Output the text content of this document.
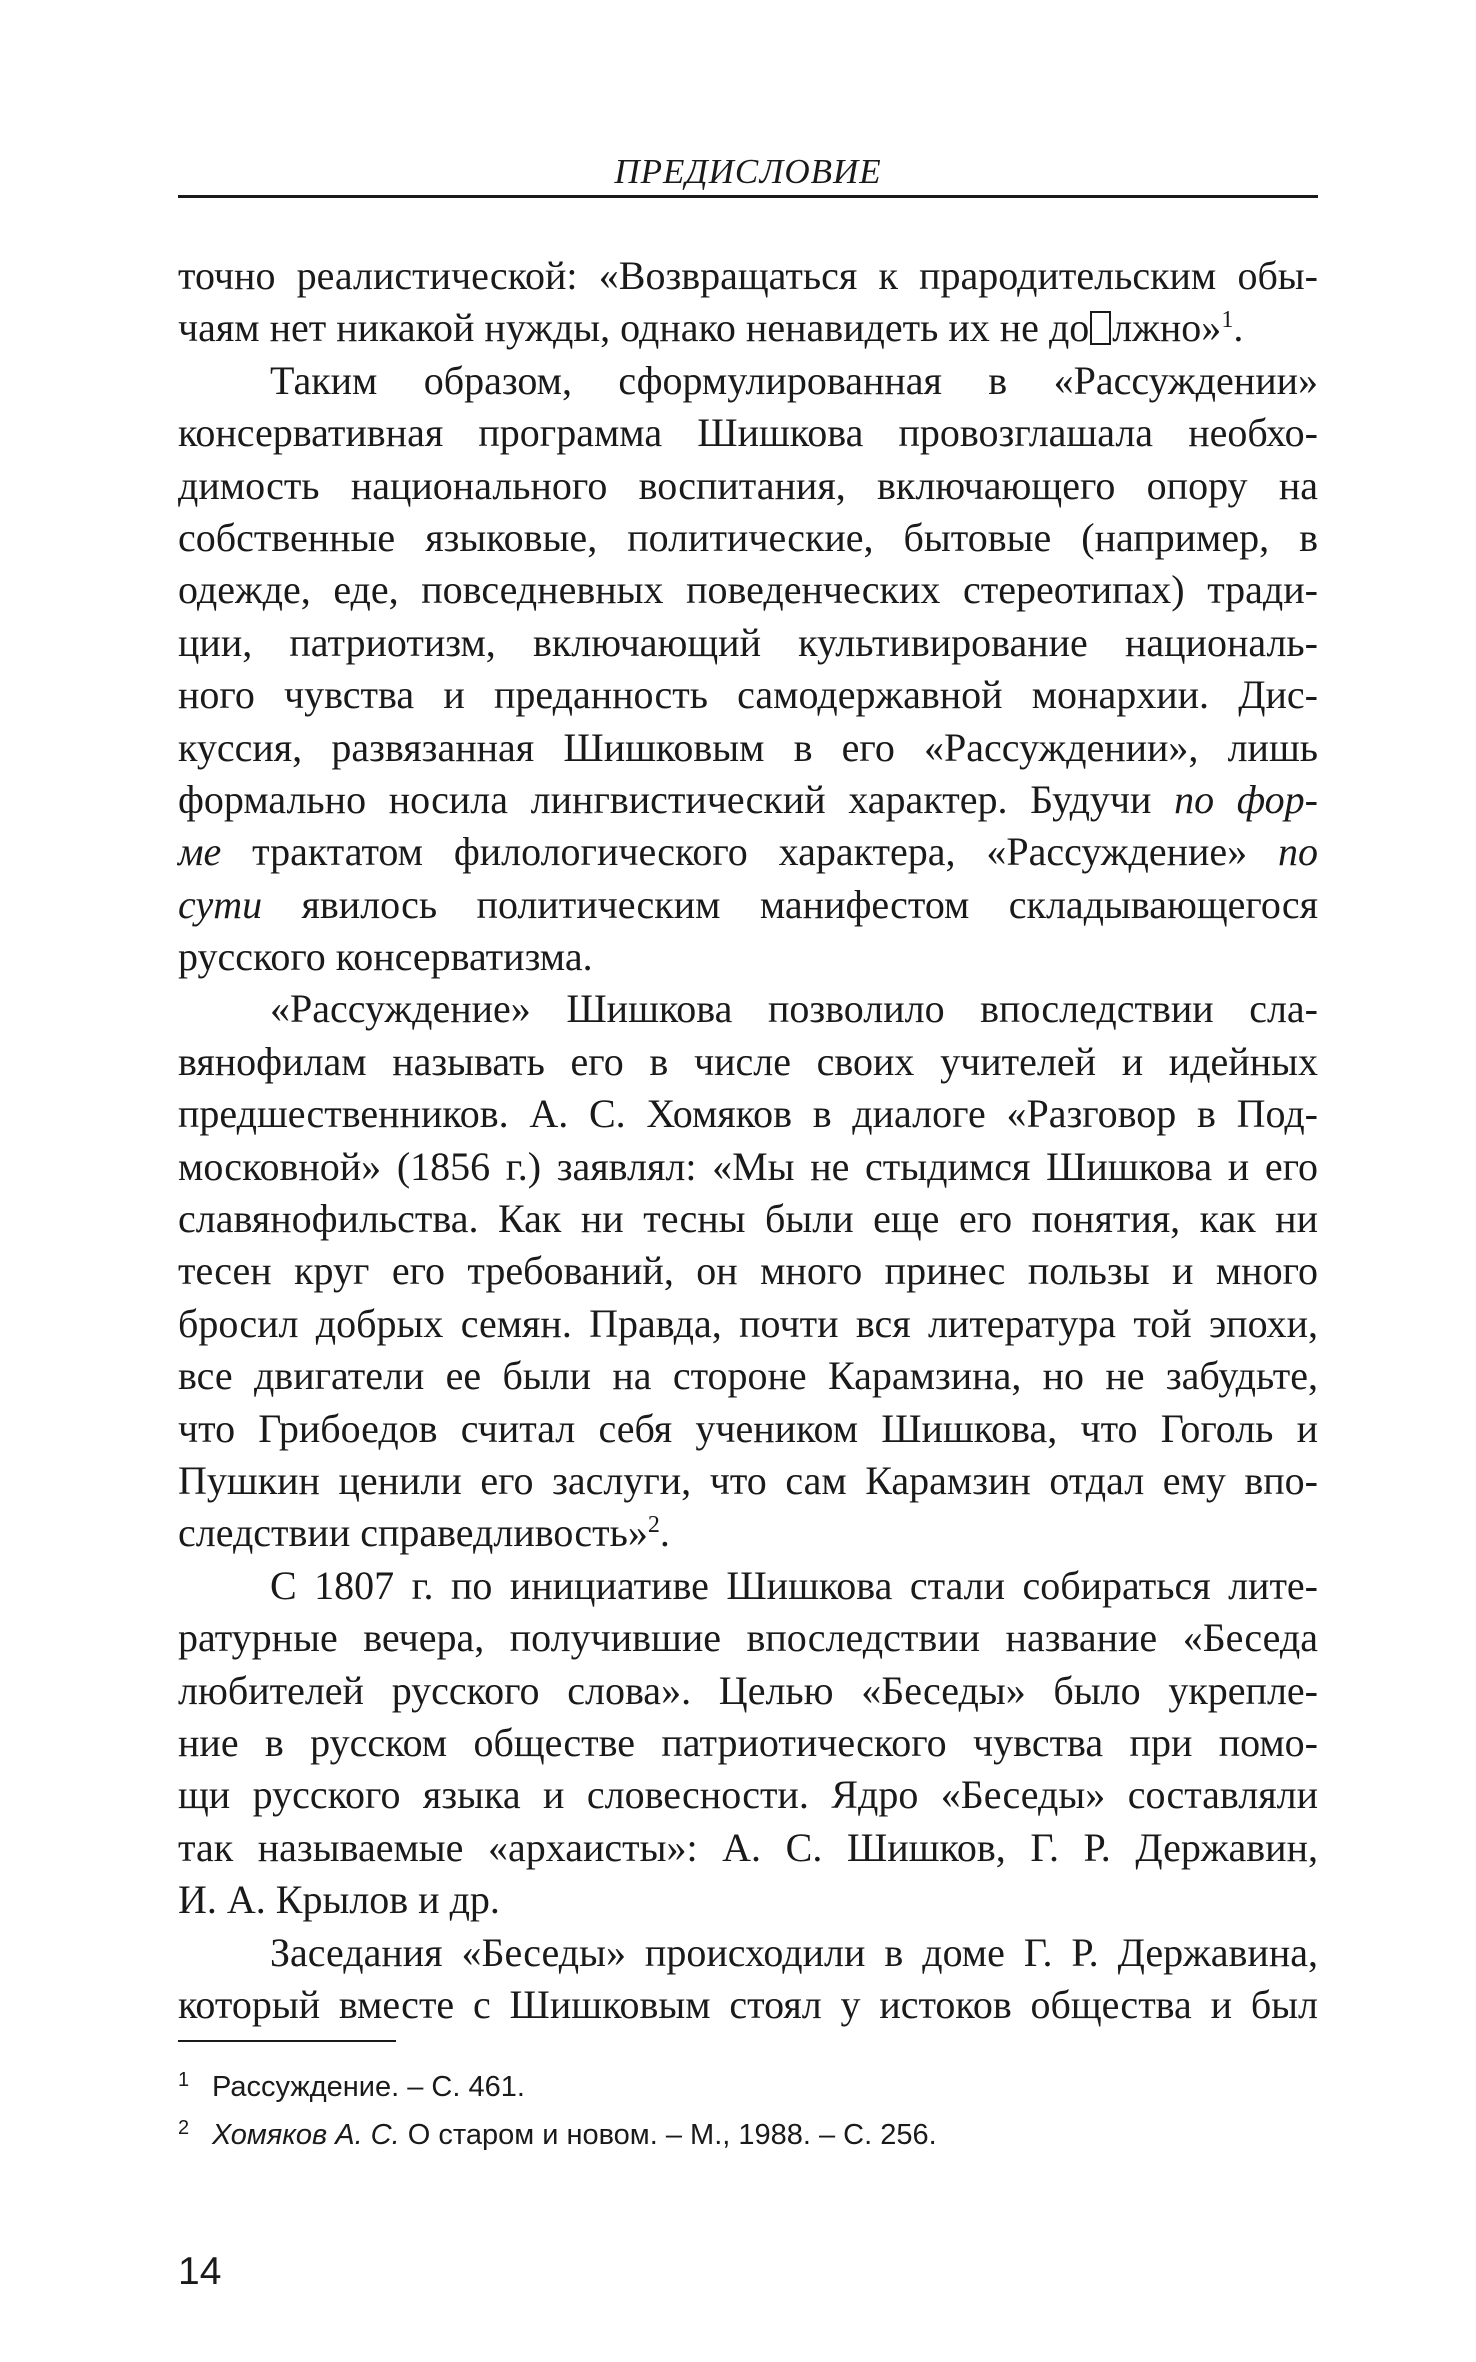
ПРЕДИСЛОВИЕ
точно реалистической: «Возвращаться к прародительским обы-
чаям нет никакой нужды, однако ненавидеть их не до лжно»$^1$.
Таким образом, сформулированная в «Рассуждении»
консервативная программа Шишкова провозглашала необхо-
димость национального воспитания, включающего опору на
собственные языковые, политические, бытовые (например, в
одежде, еде, повседневных поведенческих стереотипах) тради-
ции, патриотизм, включающий культивирование националь-
ного чувства и преданность самодержавной монархии. Дис-
куссия, развязанная Шишковым в его «Рассуждении», лишь
формально носила лингвистический характер. Будучи по фор-
ме трактатом филологического характера, «Рассуждение» по
сути явилось политическим манифестом складывающегося
русского консерватизма.
«Рассуждение» Шишкова позволило впоследствии сла-
вянофилам называть его в числе своих учителей и идейных
предшественников. А. С. Хомяков в диалоге «Разговор в Под-
московной» (1856 г.) заявлял: «Мы не стыдимся Шишкова и его
славянофильства. Как ни тесны были еще его понятия, как ни
тесен круг его требований, он много принес пользы и много
бросил добрых семян. Правда, почти вся литература той эпохи,
все двигатели ее были на стороне Карамзина, но не забудьте,
что Грибоедов считал себя учеником Шишкова, что Гоголь и
Пушкин ценили его заслуги, что сам Карамзин отдал ему впо-
следствии справедливость»$^2$.
С 1807 г. по инициативе Шишкова стали собираться лите-
ратурные вечера, получившие впоследствии название «Беседа
любителей русского слова». Целью «Беседы» было укрепле-
ние в русском обществе патриотического чувства при помо-
щи русского языка и словесности. Ядро «Беседы» составляли
так называемые «архаисты»: А. С. Шишков, Г. Р. Державин,
И. А. Крылов и др.
Заседания «Беседы» происходили в доме Г. Р. Державина,
который вместе с Шишковым стоял у истоков общества и был
1 Рассуждение. – С. 461.
2 Хомяков А. С. О старом и новом. – М., 1988. – С. 256.
14
